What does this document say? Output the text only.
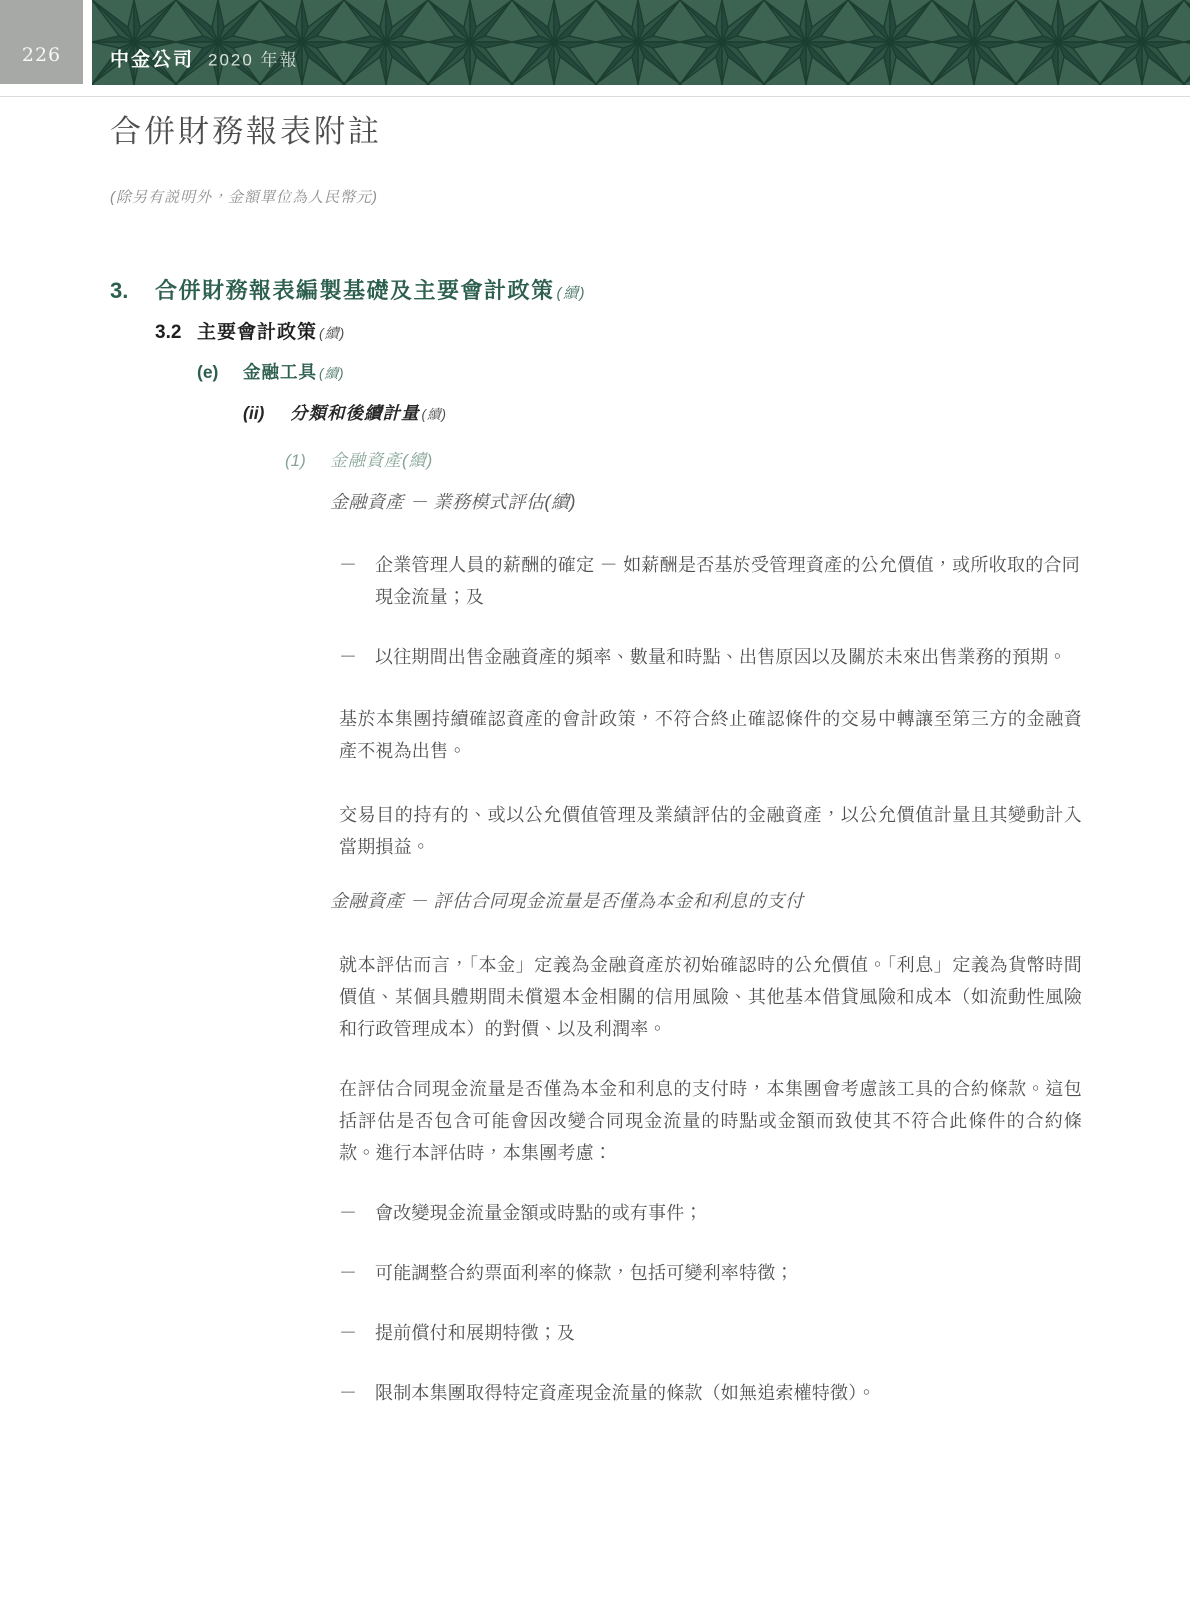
226	中金公司 2020 年報
合併財務報表附註
(除另有説明外，金額單位為人民幣元)
3. 合併財務報表編製基礎及主要會計政策 (續)
3.2 主要會計政策 (續)
(e) 金融工具 (續)
(ii) 分類和後續計量 (續)
(1) 金融資產(續)
金融資產 － 業務模式評估(續)
－ 企業管理人員的薪酬的確定 － 如薪酬是否基於受管理資產的公允價值，或所收取的合同現金流量；及
－ 以往期間出售金融資產的頻率、數量和時點、出售原因以及關於未來出售業務的預期。
基於本集團持續確認資產的會計政策，不符合終止確認條件的交易中轉讓至第三方的金融資產不視為出售。
交易目的持有的、或以公允價值管理及業績評估的金融資產，以公允價值計量且其變動計入當期損益。
金融資產 － 評估合同現金流量是否僅為本金和利息的支付
就本評估而言，「本金」定義為金融資產於初始確認時的公允價值。「利息」定義為貨幣時間價值、某個具體期間未償還本金相關的信用風險、其他基本借貸風險和成本（如流動性風險和行政管理成本）的對價、以及利潤率。
在評估合同現金流量是否僅為本金和利息的支付時，本集團會考慮該工具的合約條款。這包括評估是否包含可能會因改變合同現金流量的時點或金額而致使其不符合此條件的合約條款。進行本評估時，本集團考慮：
－ 會改變現金流量金額或時點的或有事件；
－ 可能調整合約票面利率的條款，包括可變利率特徵；
－ 提前償付和展期特徵；及
－ 限制本集團取得特定資產現金流量的條款（如無追索權特徵）。
